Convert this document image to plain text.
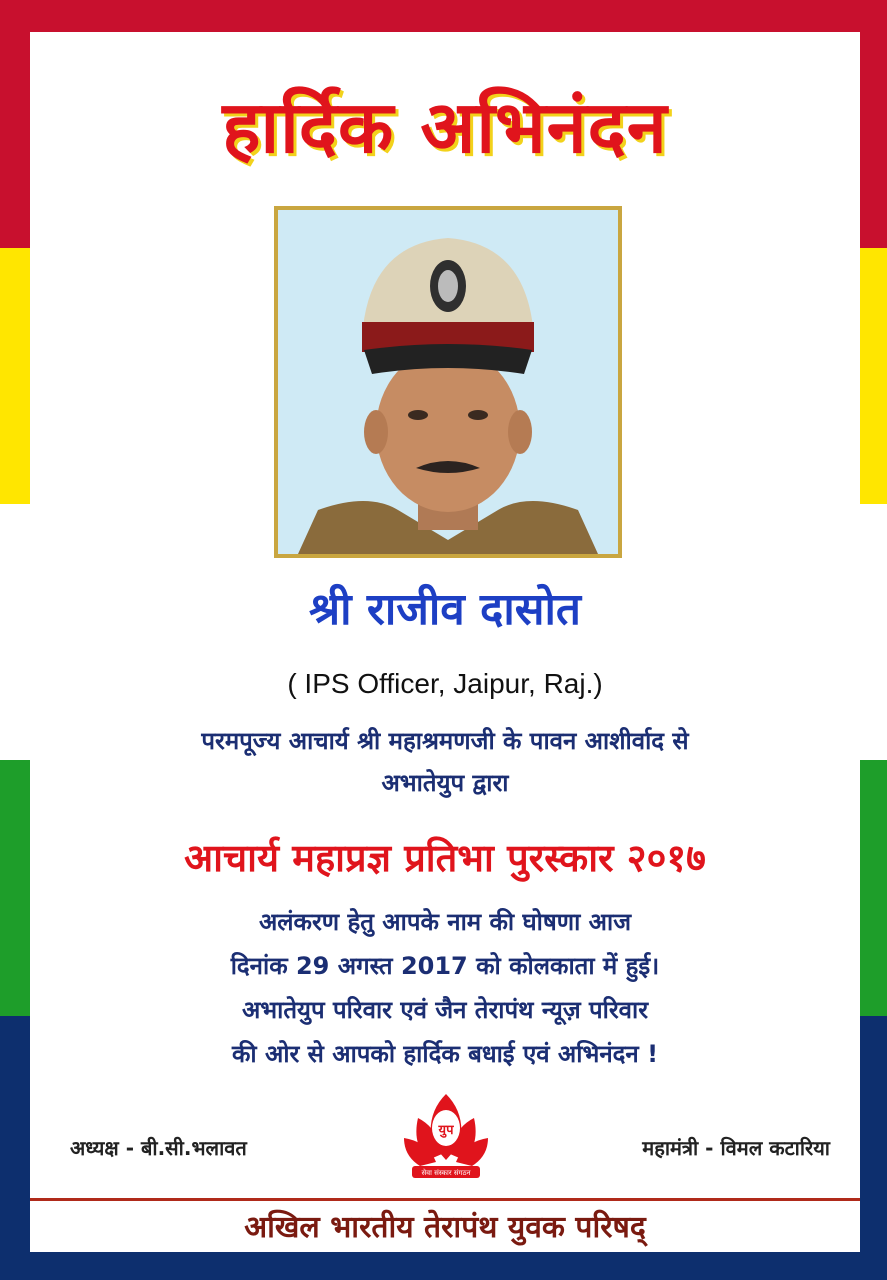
हार्दिक अभिनंदन
श्री राजीव दासोत
( IPS Officer, Jaipur, Raj.)
परमपूज्य आचार्य श्री महाश्रमणजी के पावन आशीर्वाद से
अभातेयुप द्वारा
आचार्य महाप्रज्ञ प्रतिभा पुरस्कार २०१७
अलंकरण हेतु आपके नाम की घोषणा आज
दिनांक 29 अगस्त 2017 को कोलकाता में हुई।
अभातेयुप परिवार एवं जैन तेरापंथ न्यूज़ परिवार
की ओर से आपको हार्दिक बधाई एवं अभिनंदन !
अध्यक्ष - बी.सी.भलावत
युप
सेवा संस्कार संगठन
महामंत्री - विमल कटारिया
अखिल भारतीय तेरापंथ युवक परिषद्
